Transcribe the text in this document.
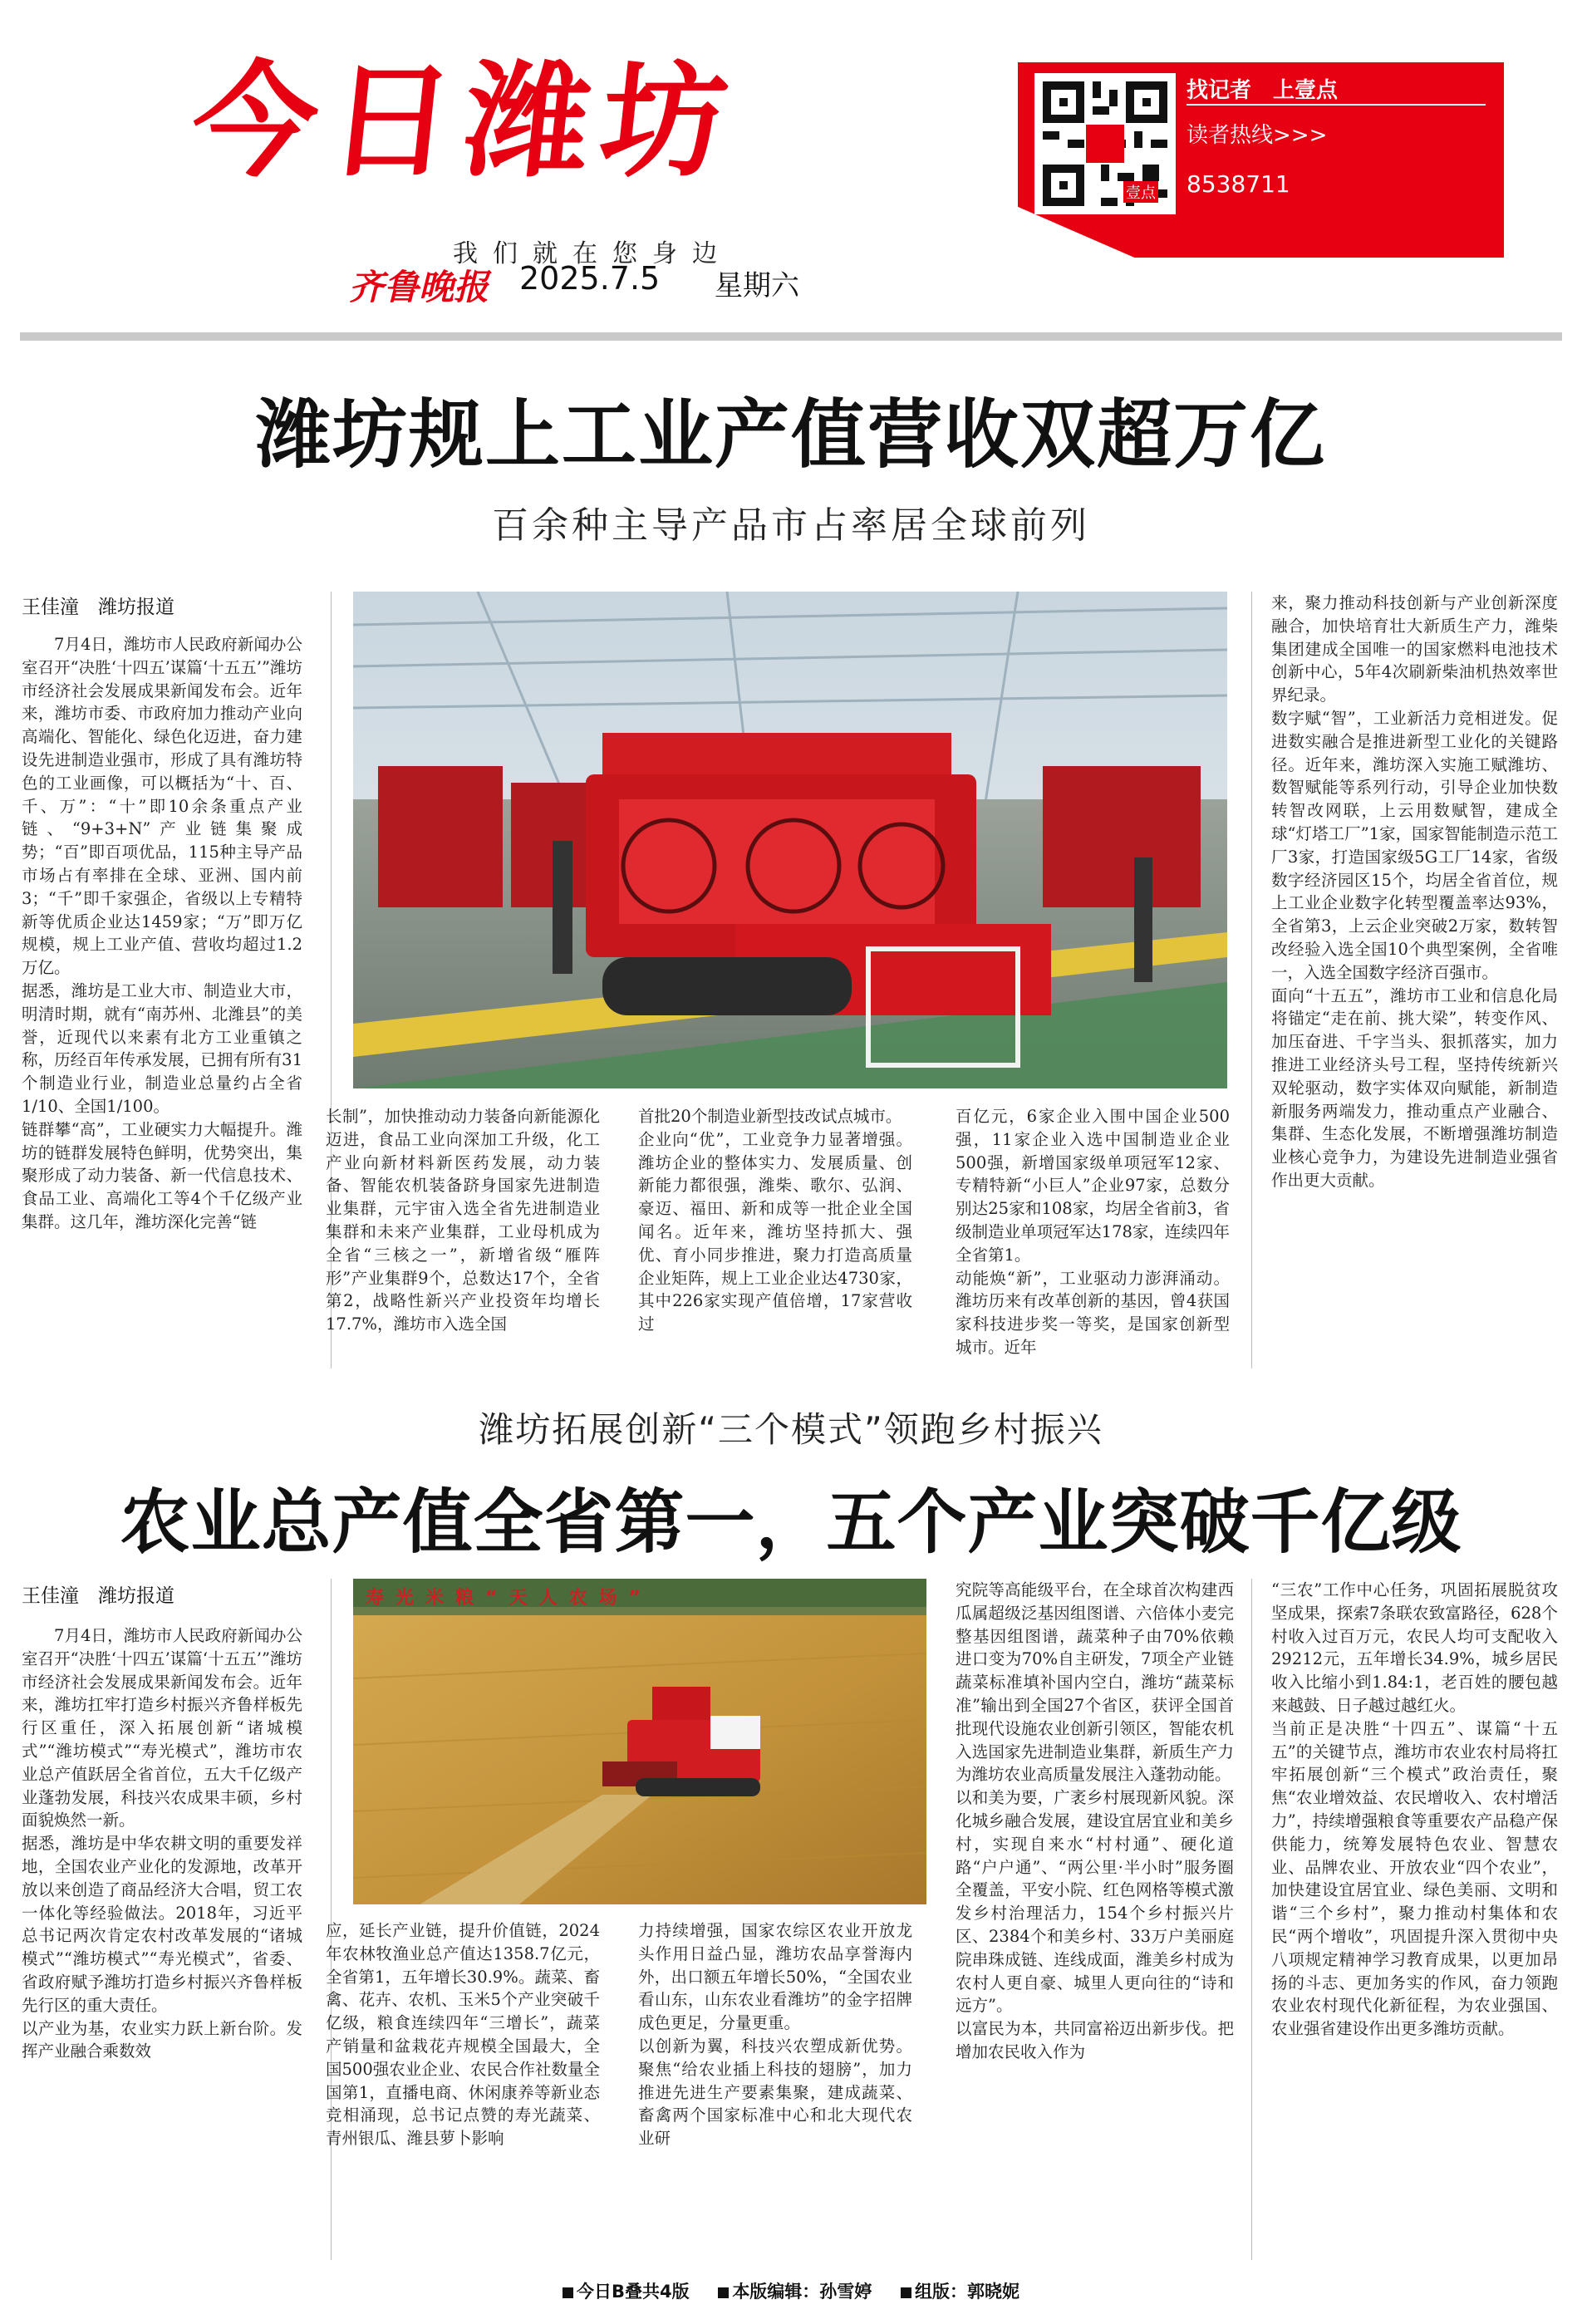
今日潍坊
我们就在您身边
齐鲁晚报 2025.7.5 星期六
壹点
找记者　上壹点
读者热线>>>
8538711
潍坊规上工业产值营收双超万亿
百余种主导产品市占率居全球前列
王佳潼　潍坊报道
7月4日，潍坊市人民政府新闻办公室召开“决胜‘十四五’谋篇‘十五五’”潍坊市经济社会发展成果新闻发布会。近年来，潍坊市委、市政府加力推动产业向高端化、智能化、绿色化迈进，奋力建设先进制造业强市，形成了具有潍坊特色的工业画像，可以概括为“十、百、千、万”：“十”即10余条重点产业链、“9+3+N”产业链集聚成势；“百”即百项优品，115种主导产品市场占有率排在全球、亚洲、国内前3；“千”即千家强企，省级以上专精特新等优质企业达1459家；“万”即万亿规模，规上工业产值、营收均超过1.2万亿。
据悉，潍坊是工业大市、制造业大市，明清时期，就有“南苏州、北潍县”的美誉，近现代以来素有北方工业重镇之称，历经百年传承发展，已拥有所有31个制造业行业，制造业总量约占全省1/10、全国1/100。
链群攀“高”，工业硬实力大幅提升。潍坊的链群发展特色鲜明，优势突出，集聚形成了动力装备、新一代信息技术、食品工业、高端化工等4个千亿级产业集群。这几年，潍坊深化完善“链
长制”，加快推动动力装备向新能源化迈进，食品工业向深加工升级，化工产业向新材料新医药发展，动力装备、智能农机装备跻身国家先进制造业集群，元宇宙入选全省先进制造业集群和未来产业集群，工业母机成为全省“三核之一”，新增省级“雁阵形”产业集群9个，总数达17个，全省第2，战略性新兴产业投资年均增长17.7%，潍坊市入选全国
首批20个制造业新型技改试点城市。
企业向“优”，工业竞争力显著增强。潍坊企业的整体实力、发展质量、创新能力都很强，潍柴、歌尔、弘润、豪迈、福田、新和成等一批企业全国闻名。近年来，潍坊坚持抓大、强优、育小同步推进，聚力打造高质量企业矩阵，规上工业企业达4730家，其中226家实现产值倍增，17家营收过
百亿元，6家企业入围中国企业500强，11家企业入选中国制造业企业500强，新增国家级单项冠军12家、专精特新“小巨人”企业97家，总数分别达25家和108家，均居全省前3，省级制造业单项冠军达178家，连续四年全省第1。
动能焕“新”，工业驱动力澎湃涌动。潍坊历来有改革创新的基因，曾4获国家科技进步奖一等奖，是国家创新型城市。近年
来，聚力推动科技创新与产业创新深度融合，加快培育壮大新质生产力，潍柴集团建成全国唯一的国家燃料电池技术创新中心，5年4次刷新柴油机热效率世界纪录。
数字赋“智”，工业新活力竞相迸发。促进数实融合是推进新型工业化的关键路径。近年来，潍坊深入实施工赋潍坊、数智赋能等系列行动，引导企业加快数转智改网联，上云用数赋智，建成全球“灯塔工厂”1家，国家智能制造示范工厂3家，打造国家级5G工厂14家，省级数字经济园区15个，均居全省首位，规上工业企业数字化转型覆盖率达93%，全省第3，上云企业突破2万家，数转智改经验入选全国10个典型案例，全省唯一，入选全国数字经济百强市。
面向“十五五”，潍坊市工业和信息化局将锚定“走在前、挑大梁”，转变作风、加压奋进、千字当头、狠抓落实，加力推进工业经济头号工程，坚持传统新兴双轮驱动，数字实体双向赋能，新制造新服务两端发力，推动重点产业融合、集群、生态化发展，不断增强潍坊制造业核心竞争力，为建设先进制造业强省作出更大贡献。
潍坊拓展创新“三个模式”领跑乡村振兴
农业总产值全省第一，五个产业突破千亿级
王佳潼　潍坊报道
7月4日，潍坊市人民政府新闻办公室召开“决胜‘十四五’谋篇‘十五五’”潍坊市经济社会发展成果新闻发布会。近年来，潍坊扛牢打造乡村振兴齐鲁样板先行区重任，深入拓展创新“诸城模式”“潍坊模式”“寿光模式”，潍坊市农业总产值跃居全省首位，五大千亿级产业蓬勃发展，科技兴农成果丰硕，乡村面貌焕然一新。
据悉，潍坊是中华农耕文明的重要发祥地，全国农业产业化的发源地，改革开放以来创造了商品经济大合唱，贸工农一体化等经验做法。2018年，习近平总书记两次肯定农村改革发展的“诸城模式”“潍坊模式”“寿光模式”，省委、省政府赋予潍坊打造乡村振兴齐鲁样板先行区的重大责任。
以产业为基，农业实力跃上新台阶。发挥产业融合乘数效
寿光米粮“天人农场”
应，延长产业链，提升价值链，2024年农林牧渔业总产值达1358.7亿元，全省第1，五年增长30.9%。蔬菜、畜禽、花卉、农机、玉米5个产业突破千亿级，粮食连续四年“三增长”，蔬菜产销量和盆栽花卉规模全国最大，全国500强农业企业、农民合作社数量全国第1，直播电商、休闲康养等新业态竞相涌现，总书记点赞的寿光蔬菜、青州银瓜、潍县萝卜影响
力持续增强，国家农综区农业开放龙头作用日益凸显，潍坊农品享誉海内外，出口额五年增长50%，“全国农业看山东，山东农业看潍坊”的金字招牌成色更足，分量更重。
以创新为翼，科技兴农塑成新优势。聚焦“给农业插上科技的翅膀”，加力推进先进生产要素集聚，建成蔬菜、畜禽两个国家标准中心和北大现代农业研
究院等高能级平台，在全球首次构建西瓜属超级泛基因组图谱、六倍体小麦完整基因组图谱，蔬菜种子由70%依赖进口变为70%自主研发，7项全产业链蔬菜标准填补国内空白，潍坊“蔬菜标准”输出到全国27个省区，获评全国首批现代设施农业创新引领区，智能农机入选国家先进制造业集群，新质生产力为潍坊农业高质量发展注入蓬勃动能。
以和美为要，广袤乡村展现新风貌。深化城乡融合发展，建设宜居宜业和美乡村，实现自来水“村村通”、硬化道路“户户通”、“两公里·半小时”服务圈全覆盖，平安小院、红色网格等模式激发乡村治理活力，154个乡村振兴片区、2384个和美乡村、33万户美丽庭院串珠成链、连线成面，潍美乡村成为农村人更自豪、城里人更向往的“诗和远方”。
以富民为本，共同富裕迈出新步伐。把增加农民收入作为
“三农”工作中心任务，巩固拓展脱贫攻坚成果，探索7条联农致富路径，628个村收入过百万元，农民人均可支配收入29212元，五年增长34.9%，城乡居民收入比缩小到1.84:1，老百姓的腰包越来越鼓、日子越过越红火。
当前正是决胜“十四五”、谋篇“十五五”的关键节点，潍坊市农业农村局将扛牢拓展创新“三个模式”政治责任，聚焦“农业增效益、农民增收入、农村增活力”，持续增强粮食等重要农产品稳产保供能力，统筹发展特色农业、智慧农业、品牌农业、开放农业“四个农业”，加快建设宜居宜业、绿色美丽、文明和谐“三个乡村”，聚力推动村集体和农民“两个增收”，巩固提升深入贯彻中央八项规定精神学习教育成果，以更加昂扬的斗志、更加务实的作风，奋力领跑农业农村现代化新征程，为农业强国、农业强省建设作出更多潍坊贡献。
今日B叠共4版 本版编辑：孙雪婷 组版：郭晓妮
